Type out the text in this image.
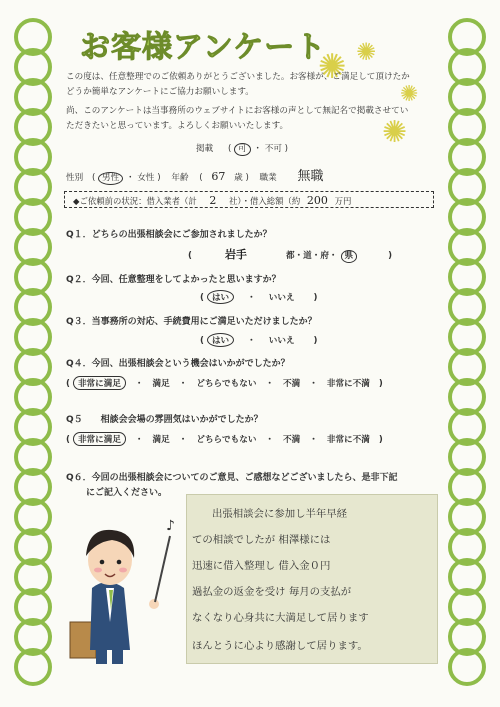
お客様アンケート
✺ ✺
✺
✺
この度は、任意整理でのご依頼ありがとうございました。お客様が、ご満足して頂けたか
どうか簡単なアンケートにご協力お願いします。
尚、このアンケートは当事務所のウェブサイトにお客様の声として無記名で掲載させてい
ただきたいと思っています。よろしくお願いいたします。
掲載 ( 可 ・ 不可 )
性別 ( 男性 ・ 女性 ) 年齢 ( 67 歳 ) 職業 無職
◆ご依頼前の状況：借入業者（計 2 社）・借入総額（約 200 万円
Q１．どちらの出張相談会にご参加されましたか？
(	岩手	都・道・府・ 県	)
Q２．今回、任意整理をしてよかったと思いますか？
( はい ・ いいえ )
Q３．当事務所の対応、手続費用にご満足いただけましたか？
( はい ・ いいえ )
Q４．今回、出張相談会という機会はいかがでしたか？
( 非常に満足 ・ 満足 ・ どちらでもない ・ 不満 ・ 非常に不満 )
Q５　　相談会会場の雰囲気はいかがでしたか？
( 非常に満足 ・ 満足 ・ どちらでもない ・ 不満 ・ 非常に不満 )
Q６．今回の出張相談会についてのご意見、ご感想などございましたら、是非下記
にご記入ください。
♪
出張相談会に参加し半年早経
ての相談でしたが 相澤様には
迅速に借入整理し 借入金０円
過払金の返金を受け 毎月の支払が
なくなり心身共に大満足して居ります
ほんとうに心より感謝して居ります。
